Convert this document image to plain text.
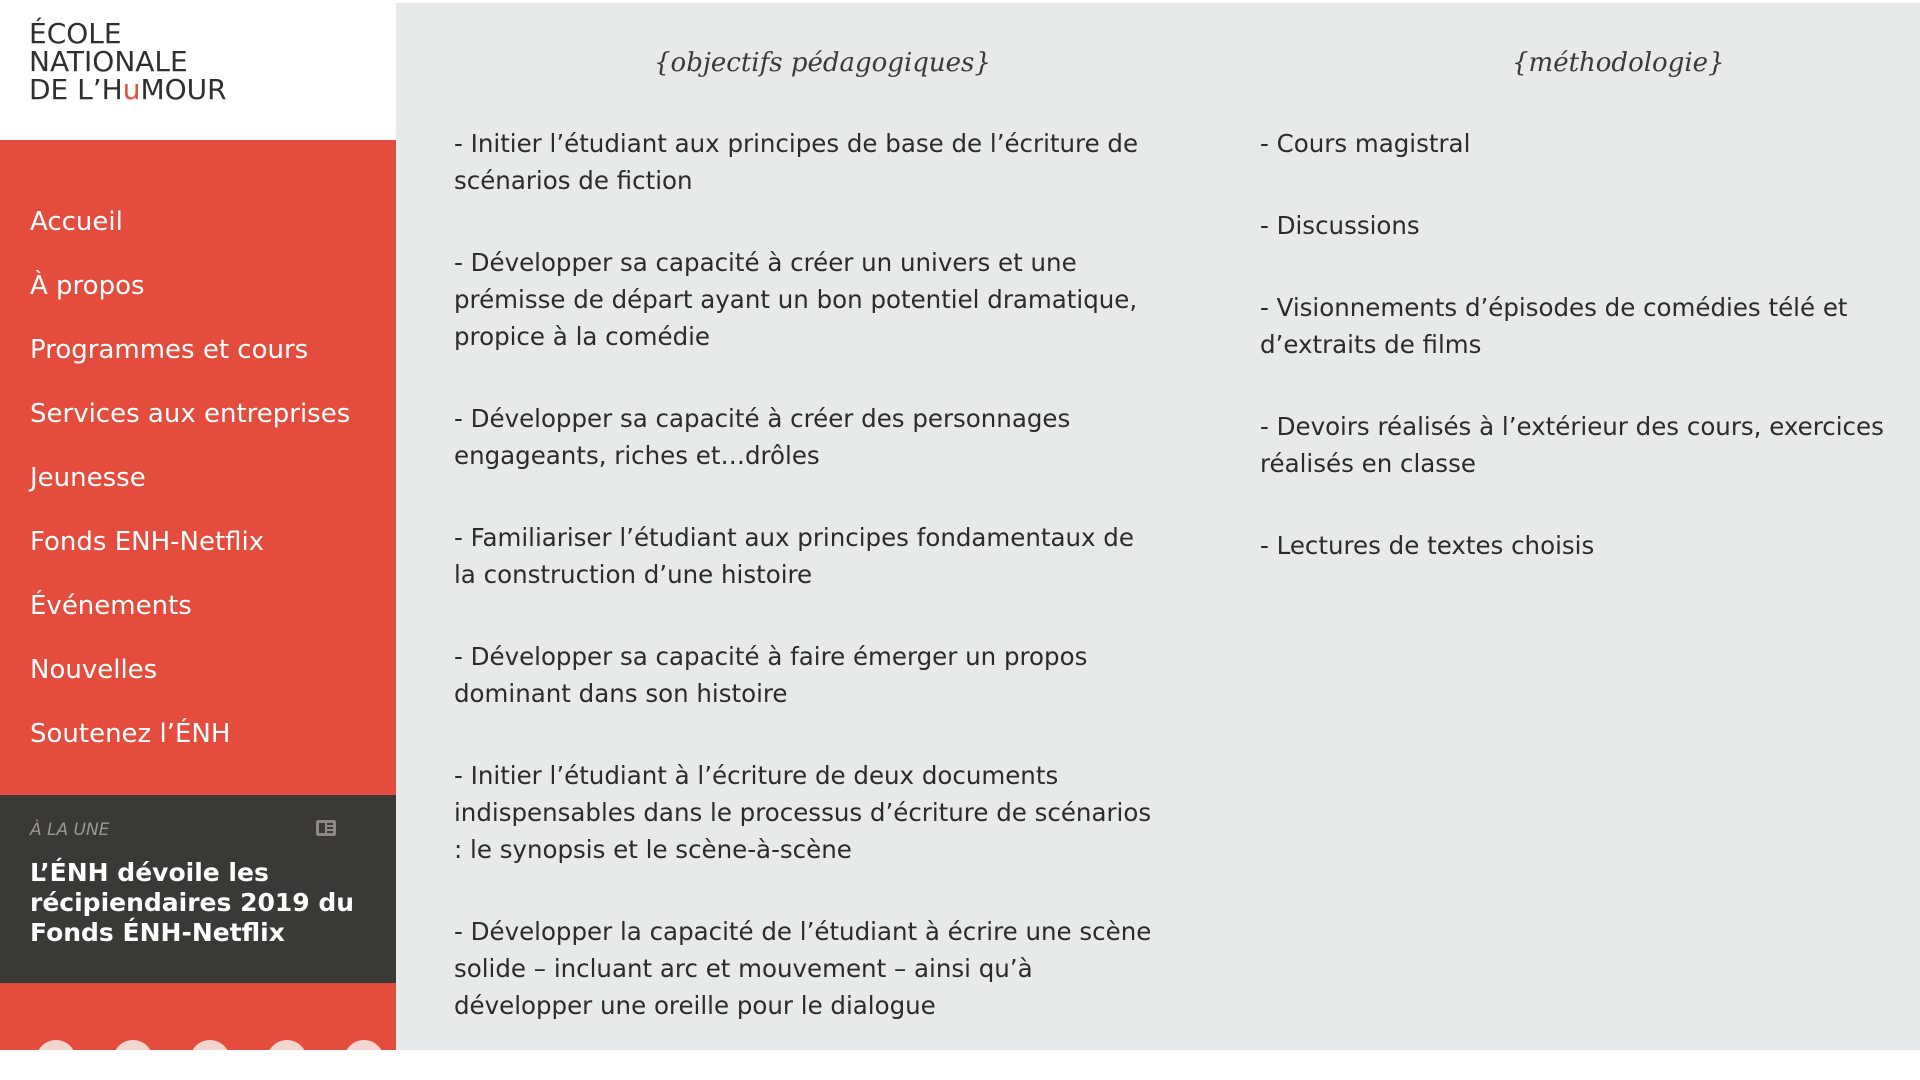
ÉCOLE
NATIONALE
DE L’HuMOUR
Accueil
À propos
Programmes et cours
Services aux entreprises
Jeunesse
Fonds ENH-Netflix
Événements
Nouvelles
Soutenez l’ÉNH
À LA UNE
L’ÉNH dévoile les récipiendaires 2019 du Fonds ÉNH-Netflix
{objectifs pédagogiques}
- Initier l’étudiant aux principes de base de l’écriture de scénarios de fiction
- Développer sa capacité à créer un univers et une prémisse de départ ayant un bon potentiel dramatique, propice à la comédie
- Développer sa capacité à créer des personnages engageants, riches et…drôles
- Familiariser l’étudiant aux principes fondamentaux de la construction d’une histoire
- Développer sa capacité à faire émerger un propos dominant dans son histoire
- Initier l’étudiant à l’écriture de deux documents indispensables dans le processus d’écriture de scénarios : le synopsis et le scène-à-scène
- Développer la capacité de l’étudiant à écrire une scène solide – incluant arc et mouvement – ainsi qu’à développer une oreille pour le dialogue
{méthodologie}
- Cours magistral
- Discussions
- Visionnements d’épisodes de comédies télé et d’extraits de films
- Devoirs réalisés à l’extérieur des cours, exercices réalisés en classe
- Lectures de textes choisis
